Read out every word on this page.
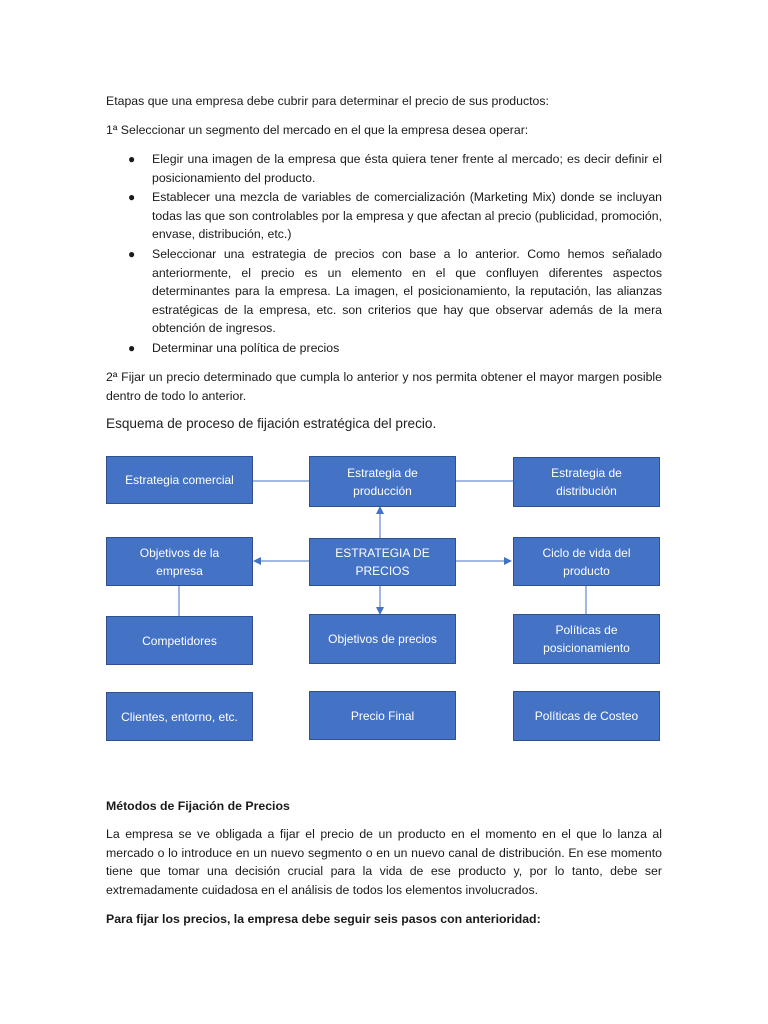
Etapas que una empresa debe cubrir para determinar el precio de sus productos:

1ª Seleccionar un segmento del mercado en el que la empresa desea operar:

● Elegir una imagen de la empresa que ésta quiera tener frente al mercado; es decir definir el posicionamiento del producto.
● Establecer una mezcla de variables de comercialización (Marketing Mix) donde se incluyan todas las que son controlables por la empresa y que afectan al precio (publicidad, promoción, envase, distribución, etc.)
● Seleccionar una estrategia de precios con base a lo anterior. Como hemos señalado anteriormente, el precio es un elemento en el que confluyen diferentes aspectos determinantes para la empresa. La imagen, el posicionamiento, la reputación, las alianzas estratégicas de la empresa, etc. son criterios que hay que observar además de la mera obtención de ingresos.
● Determinar una política de precios

2ª Fijar un precio determinado que cumpla lo anterior y nos permita obtener el mayor margen posible dentro de todo lo anterior.

Esquema de proceso de fijación estratégica del precio.

Estrategia comercial
Estrategia de producción
Estrategia de distribución
Objetivos de la empresa
ESTRATEGIA DE PRECIOS
Ciclo de vida del producto
Competidores	Objetivos de precios
Políticas de posicionamiento
Clientes, entorno, etc.	Precio Final	Políticas de Costeo

Métodos de Fijación de Precios

La empresa se ve obligada a fijar el precio de un producto en el momento en el que lo lanza al mercado o lo introduce en un nuevo segmento o en un nuevo canal de distribución. En ese momento tiene que tomar una decisión crucial para la vida de ese producto y, por lo tanto, debe ser extremadamente cuidadosa en el análisis de todos los elementos involucrados.

Para fijar los precios, la empresa debe seguir seis pasos con anterioridad:
